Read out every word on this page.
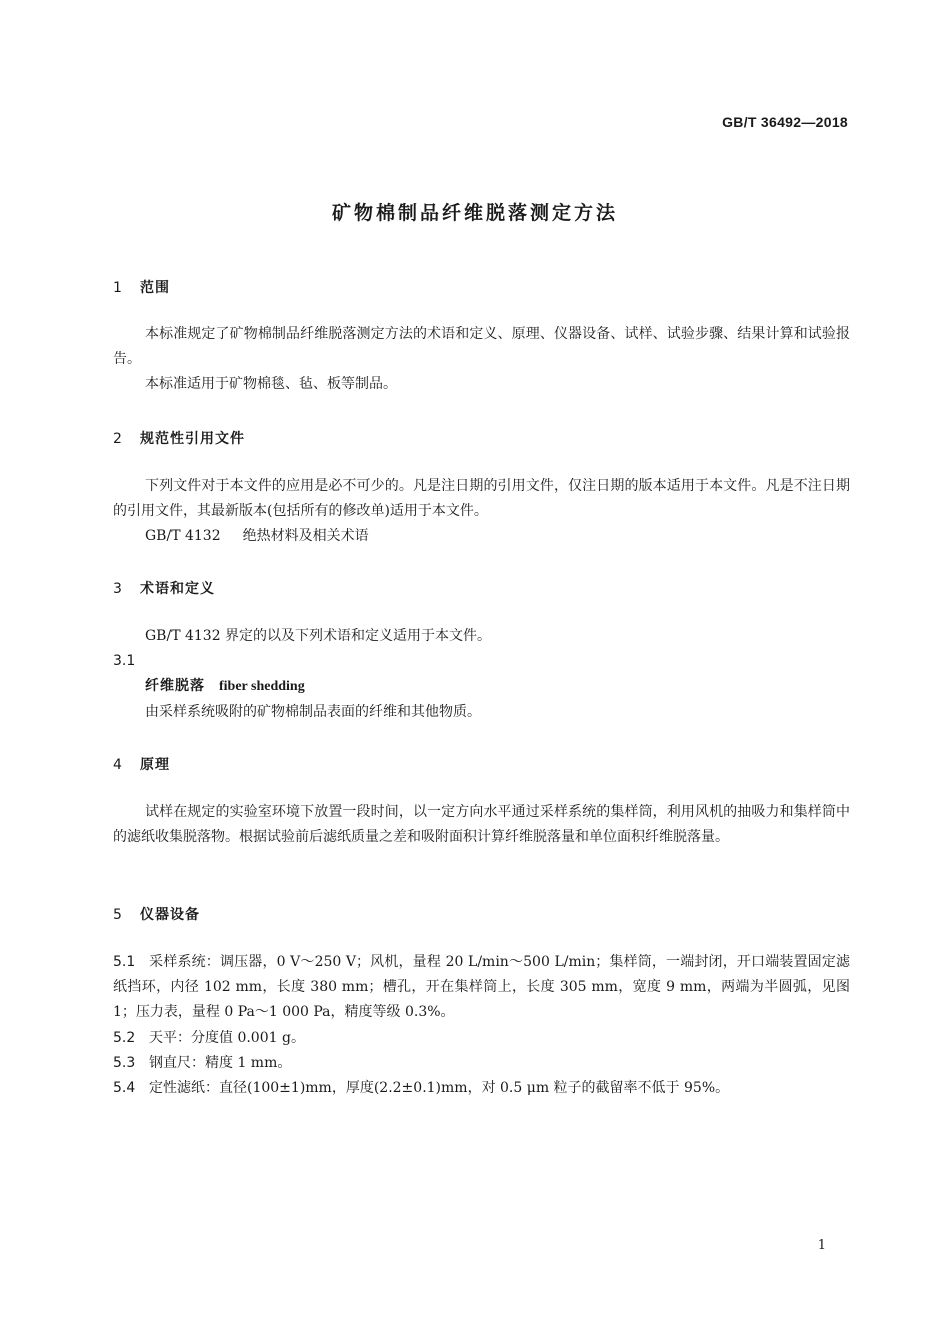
GB/T 36492—2018
矿物棉制品纤维脱落测定方法
1 范围
本标准规定了矿物棉制品纤维脱落测定方法的术语和定义、原理、仪器设备、试样、试验步骤、结果计算和试验报告。
本标准适用于矿物棉毯、毡、板等制品。
2 规范性引用文件
下列文件对于本文件的应用是必不可少的。凡是注日期的引用文件，仅注日期的版本适用于本文件。凡是不注日期的引用文件，其最新版本(包括所有的修改单)适用于本文件。
GB/T 4132 绝热材料及相关术语
3 术语和定义
GB/T 4132 界定的以及下列术语和定义适用于本文件。
3.1
纤维脱落 fiber shedding
由采样系统吸附的矿物棉制品表面的纤维和其他物质。
4 原理
试样在规定的实验室环境下放置一段时间，以一定方向水平通过采样系统的集样筒，利用风机的抽吸力和集样筒中的滤纸收集脱落物。根据试验前后滤纸质量之差和吸附面积计算纤维脱落量和单位面积纤维脱落量。
5 仪器设备
5.1 采样系统：调压器，0 V～250 V；风机，量程 20 L/min～500 L/min；集样筒，一端封闭，开口端装置固定滤纸挡环，内径 102 mm，长度 380 mm；槽孔，开在集样筒上，长度 305 mm，宽度 9 mm，两端为半圆弧，见图 1；压力表，量程 0 Pa～1 000 Pa，精度等级 0.3%。
5.2 天平：分度值 0.001 g。
5.3 钢直尺：精度 1 mm。
5.4 定性滤纸：直径(100±1)mm，厚度(2.2±0.1)mm，对 0.5 μm 粒子的截留率不低于 95%。
1
